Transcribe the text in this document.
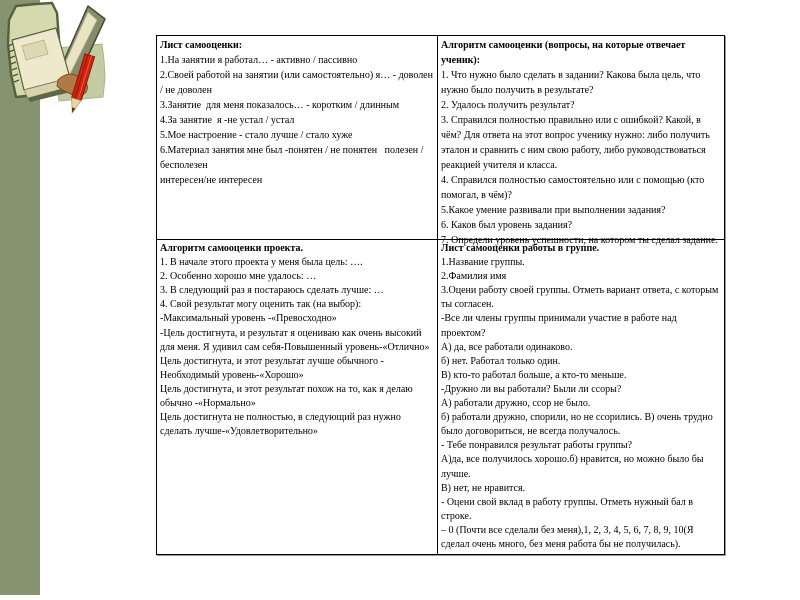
Лист самооценки:
1.На занятии я работал… - активно / пассивно
2.Своей работой на занятии (или самостоятельно) я… - доволен / не доволен
3.Занятие  для меня показалось… - коротким / длинным
4.За занятие  я -не устал / устал
5.Мое настроение - стало лучше / стало хуже
6.Материал занятия мне был -понятен / не понятен   полезен / бесполезен
интересен/не интересен
Алгоритм самооценки (вопросы, на которые отвечает ученик):
1. Что нужно было сделать в задании? Какова была цель, что нужно было получить в результате?
2. Удалось получить результат?
3. Справился полностью правильно или с ошибкой? Какой, в чём? Для ответа на этот вопрос ученику нужно: либо получить эталон и сравнить с ним свою работу, либо руководствоваться реакцией учителя и класса.
4. Справился полностью самостоятельно или с помощью (кто помогал, в чём)?
5.Какое умение развивали при выполнении задания?
6. Каков был уровень задания?
7. Определи уровень успешности, на котором ты сделал задание.
Алгоритм самооценки проекта.
1. В начале этого проекта у меня была цель: ….
2. Особенно хорошо мне удалось: …
3. В следующий раз я постараюсь сделать лучше: …
4. Свой результат могу оценить так (на выбор):
-Максимальный уровень -«Превосходно»
-Цель достигнута, и результат я оцениваю как очень высокий для меня. Я удивил сам себя-Повышенный уровень-«Отлично»
Цель достигнута, и этот результат лучше обычного -
Необходимый уровень-«Хорошо»
Цель достигнута, и этот результат похож на то, как я делаю обычно -«Нормально»
Цель достигнута не полностью, в следующий раз нужно сделать лучше-«Удовлетворительно»
Лист самооценки работы в группе.
1.Название группы.
2.Фамилия имя
3.Оцени работу своей группы. Отметь вариант ответа, с которым ты согласен.
-Все ли члены группы принимали участие в работе над проектом?
А) да, все работали одинаково.
б) нет. Работал только один.
В) кто-то работал больше, а кто-то меньше.
-Дружно ли вы работали? Были ли ссоры?
А) работали дружно, ссор не было.
б) работали дружно, спорили, но не ссорились. В) очень трудно было договориться, не всегда получалось.
- Тебе понравился результат работы группы?
А)да, все получилось хорошо.б) нравится, но можно было бы лучше.
В) нет, не нравится.
- Оцени свой вклад в работу группы. Отметь нужный бал в строке.
– 0 (Почти все сделали без меня),1, 2, 3, 4, 5, 6, 7, 8, 9, 10(Я сделал очень много, без меня работа бы не получилась).
